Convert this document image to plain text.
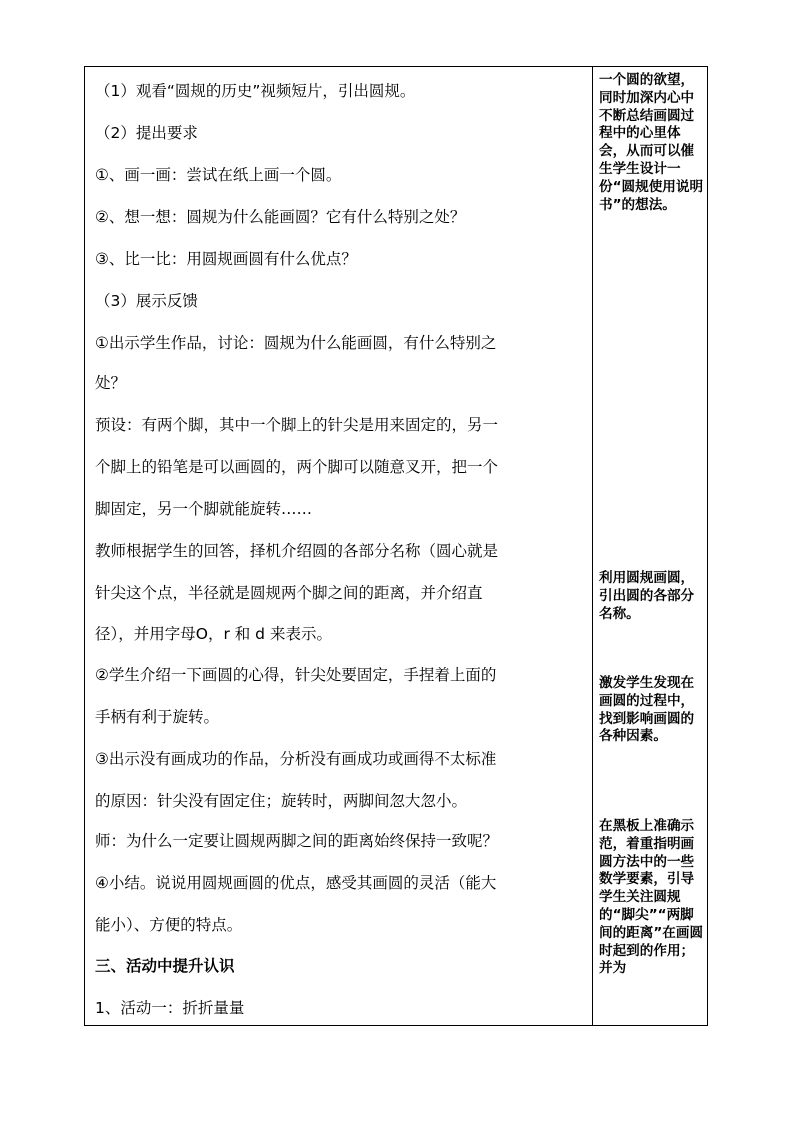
（1）观看“圆规的历史”视频短片，引出圆规。
（2）提出要求
①、画一画：尝试在纸上画一个圆。
②、想一想：圆规为什么能画圆？它有什么特别之处？
③、比一比：用圆规画圆有什么优点？
（3）展示反馈
①出示学生作品，讨论：圆规为什么能画圆，有什么特别之
处？
预设：有两个脚，其中一个脚上的针尖是用来固定的，另一
个脚上的铅笔是可以画圆的，两个脚可以随意叉开，把一个
脚固定，另一个脚就能旋转……
教师根据学生的回答，择机介绍圆的各部分名称（圆心就是
针尖这个点，半径就是圆规两个脚之间的距离，并介绍直
径），并用字母O，r 和 d 来表示。
②学生介绍一下画圆的心得，针尖处要固定，手捏着上面的
手柄有利于旋转。
③出示没有画成功的作品，分析没有画成功或画得不太标准
的原因：针尖没有固定住；旋转时，两脚间忽大忽小。
师：为什么一定要让圆规两脚之间的距离始终保持一致呢？
④小结。说说用圆规画圆的优点，感受其画圆的灵活（能大
能小）、方便的特点。
三、活动中提升认识
1、活动一：折折量量
一个圆的欲望，同时加深内心中不断总结画圆过程中的心里体会，从而可以催生学生设计一份“圆规使用说明书”的想法。
利用圆规画圆，引出圆的各部分名称。
激发学生发现在画圆的过程中，找到影响画圆的各种因素。
在黑板上准确示范，着重指明画圆方法中的一些数学要素，引导学生关注圆规的“脚尖”“两脚间的距离”在画圆时起到的作用；并为
